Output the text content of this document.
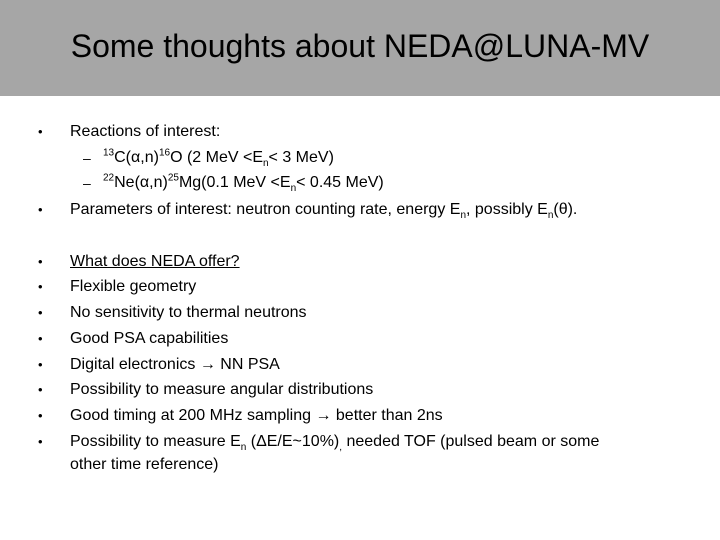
Some thoughts about NEDA@LUNA-MV
• Reactions of interest:
– $^{13}C(\alpha,n)^{16}O$ (2 MeV $<E_n< 3$ MeV)
– $^{22}Ne(\alpha,n)^{25}Mg(0.1$ MeV $<E_n< 0.45$ MeV)
• Parameters of interest: neutron counting rate, energy $E_n$, possibly $E_n(\theta)$.
• What does NEDA offer?
• Flexible geometry
• No sensitivity to thermal neutrons
• Good PSA capabilities
• Digital electronics → NN PSA
• Possibility to measure angular distributions
• Good timing at 200 MHz sampling → better than 2ns
• Possibility to measure $E_n$ $(\Delta E/E\sim 10\%)_,$ needed TOF (pulsed beam or some
other time reference)
